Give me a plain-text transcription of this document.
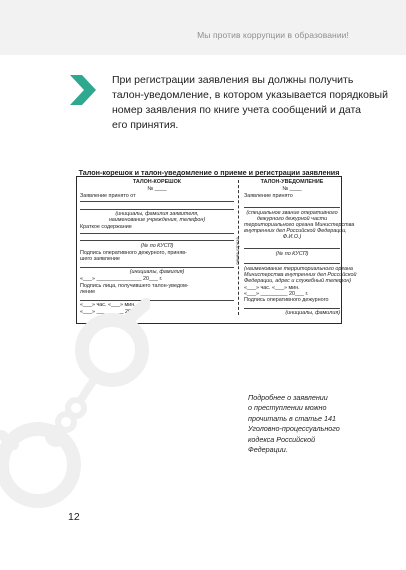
Мы против коррупции в образовании!
При регистрации заявления вы должны получить
талон-уведомление, в котором указывается порядковый
номер заявления по книге учета сообщений и дата
его принятия.
Талон-корешок и талон-уведомление о приеме и регистрации заявления
линия отреза
ТАЛОН-КОРЕШОК
№ ____
Заявление принято от
(инициалы, фамилия заявителя,
наименование учреждения, телефон)
Краткое содержание
(№ по КУСП)
Подпись оперативного дежурного, приняв-
шего заявление
(инициалы, фамилия)
«___» _______________ 20___ г.
Подпись лица, получившего талон-уведом-
ление
«___» час. «___» мин.
«___» _________ 20___ г.
ТАЛОН-УВЕДОМЛЕНИЕ
№ ____
Заявление принято
(специальное звание оперативного
дежурного дежурной части
территориального органа Министерства
внутренних дел Российской Федерации,
Ф.И.О.)
(№ по КУСП)
(наименование территориального органа
Министерства внутренних дел Российской
Федерации, адрес и служебный телефон)
«___» час. «___» мин.
«___» _________ 20___ г.
Подпись оперативного дежурного
(инициалы, фамилия)
Подробнее о заявлении
о преступлении можно
прочитать в статье 141
Уголовно-процессуального
кодекса Российской
Федерации.
12
